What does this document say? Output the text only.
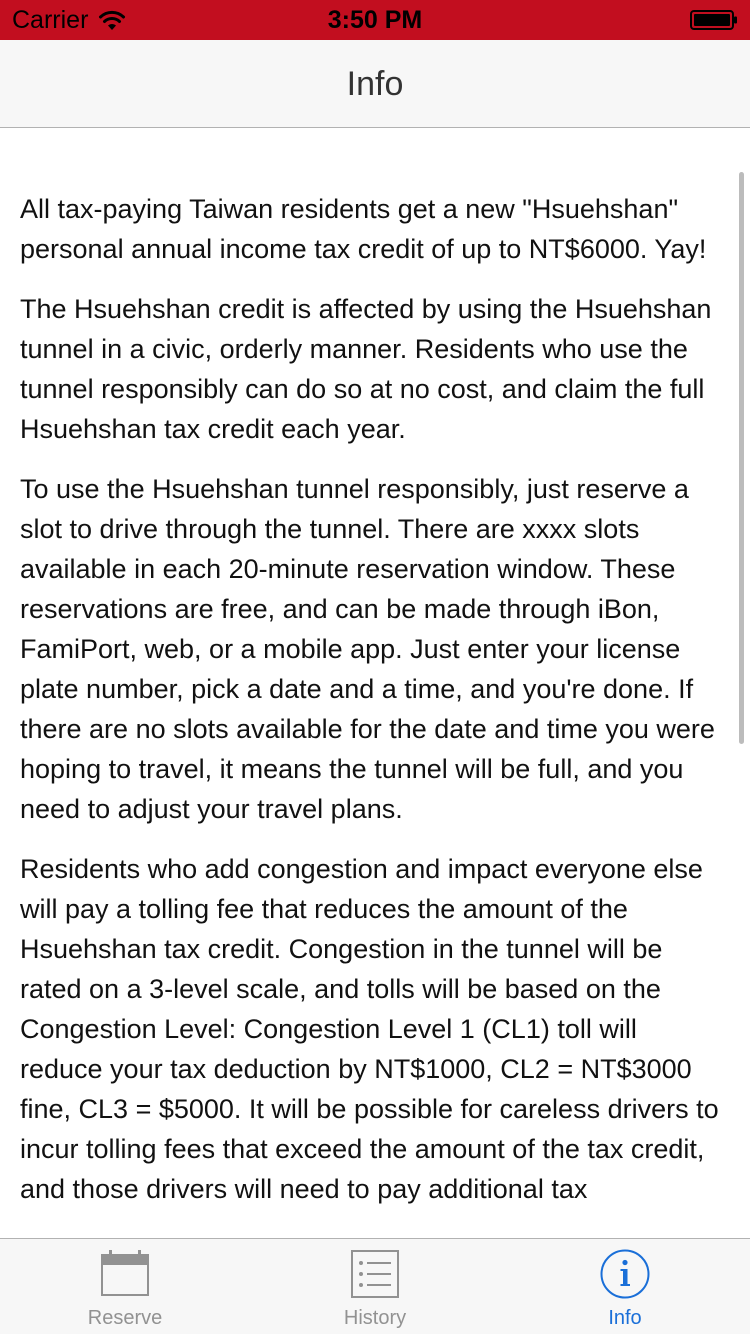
Carrier	3:50 PM
Info

All tax-paying Taiwan residents get a new "Hsuehshan" personal annual income tax credit of up to NT$6000. Yay!

The Hsuehshan credit is affected by using the Hsuehshan tunnel in a civic, orderly manner. Residents who use the tunnel responsibly can do so at no cost, and claim the full Hsuehshan tax credit each year.

To use the Hsuehshan tunnel responsibly, just reserve a slot to drive through the tunnel. There are xxxx slots available in each 20-minute reservation window. These reservations are free, and can be made through iBon, FamiPort, web, or a mobile app. Just enter your license plate number, pick a date and a time, and you're done. If there are no slots available for the date and time you were hoping to travel, it means the tunnel will be full, and you need to adjust your travel plans.

Residents who add congestion and impact everyone else will pay a tolling fee that reduces the amount of the Hsuehshan tax credit. Congestion in the tunnel will be rated on a 3-level scale, and tolls will be based on the Congestion Level: Congestion Level 1 (CL1) toll will reduce your tax deduction by NT$1000, CL2 = NT$3000 fine, CL3 = $5000. It will be possible for careless drivers to incur tolling fees that exceed the amount of the tax credit, and those drivers will need to pay additional tax

Reserve	History	Info
